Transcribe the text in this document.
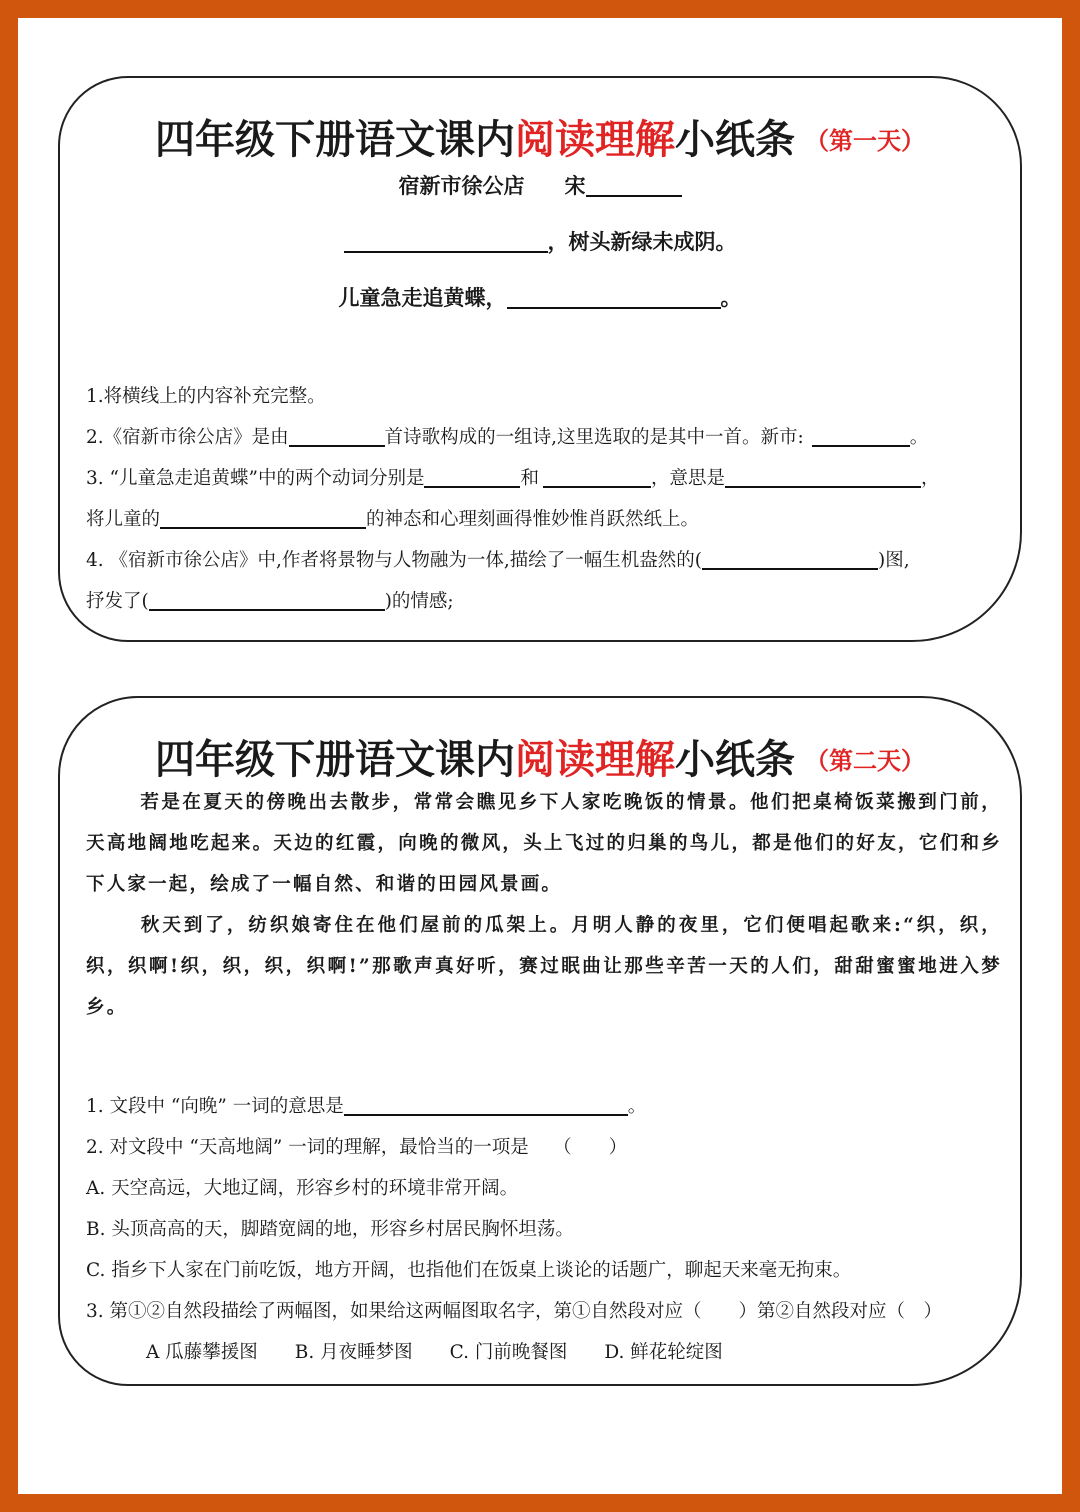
四年级下册语文课内阅读理解小纸条 （第一天）
宿新市徐公店 宋
，树头新绿未成阴。
儿童急走追黄蝶，	。
1.将横线上的内容补充完整。
2.《宿新市徐公店》是由	首诗歌构成的一组诗,这里选取的是其中一首。新市:	。
3. “儿童急走追黄蝶”中的两个动词分别是	和	，意思是	，
将儿童的	的神态和心理刻画得惟妙惟肖跃然纸上。
4. 《宿新市徐公店》中,作者将景物与人物融为一体,描绘了一幅生机盎然的(	)图,
抒发了(	)的情感;
四年级下册语文课内阅读理解小纸条 （第二天）
若是在夏天的傍晚出去散步，常常会瞧见乡下人家吃晚饭的情景。他们把桌椅饭菜搬到门前，天高地阔地吃起来。天边的红霞，向晚的微风，头上飞过的归巢的鸟儿，都是他们的好友，它们和乡下人家一起，绘成了一幅自然、和谐的田园风景画。
秋天到了，纺织娘寄住在他们屋前的瓜架上。月明人静的夜里，它们便唱起歌来:“织，织，织，织啊!织，织，织，织啊!”那歌声真好听，赛过眠曲让那些辛苦一天的人们，甜甜蜜蜜地进入梦乡。
1. 文段中 “向晚” 一词的意思是	。
2. 对文段中 “天高地阔” 一词的理解，最恰当的一项是　 （　　）
A. 天空高远，大地辽阔，形容乡村的环境非常开阔。
B. 头顶高高的天，脚踏宽阔的地，形容乡村居民胸怀坦荡。
C. 指乡下人家在门前吃饭，地方开阔，也指他们在饭桌上谈论的话题广，聊起天来毫无拘束。
3. 第①②自然段描绘了两幅图，如果给这两幅图取名字，第①自然段对应（　　）第②自然段对应（　）
A 瓜藤攀援图　　B. 月夜睡梦图　　C. 门前晚餐图　　D. 鲜花轮绽图
